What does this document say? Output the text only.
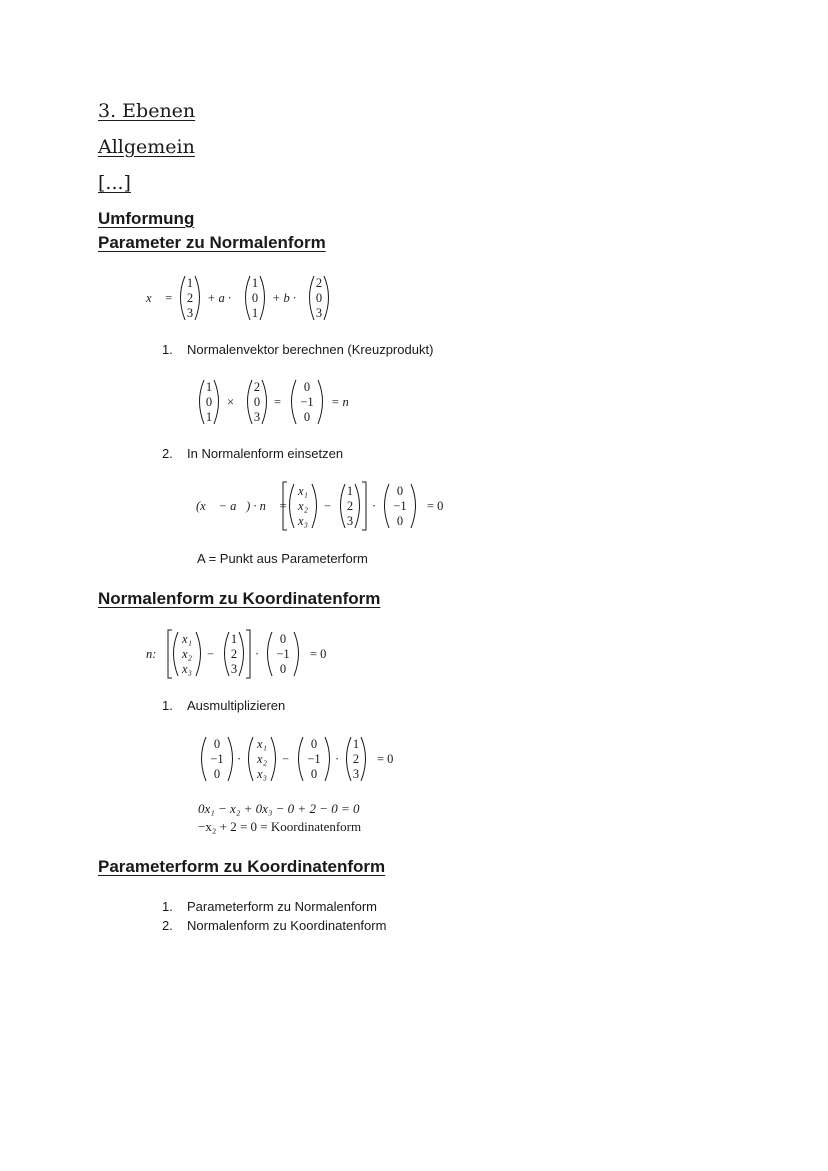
3. Ebenen
Allgemein
[...]
Umformung
Parameter zu Normalenform
x⃗ =
1
2
3
+ a ·
1
0
1
+ b ·
2
0
3
1. Normalenvektor berechnen (Kreuzprodukt)
1
0
1
×
2
0
3
=
0
−1
0
= n⃗
2. In Normalenform einsetzen
(x⃗ − a⃗) · n⃗ =
x₁
x₂
x₃
−
1
2
3
·
0
−1
0
= 0
A = Punkt aus Parameterform
Normalenform zu Koordinatenform
n:
x₁
x₂
x₃
−
1
2
3
·
0
−1
0
= 0
1. Ausmultiplizieren
0
−1
0
·
x₁
x₂
x₃
−
0
−1
0
·
1
2
3
= 0
0x₁ − x₂ + 0x₃ − 0 + 2 − 0 = 0
−x₂ + 2 = 0 = Koordinatenform
Parameterform zu Koordinatenform
1. Parameterform zu Normalenform
2. Normalenform zu Koordinatenform
